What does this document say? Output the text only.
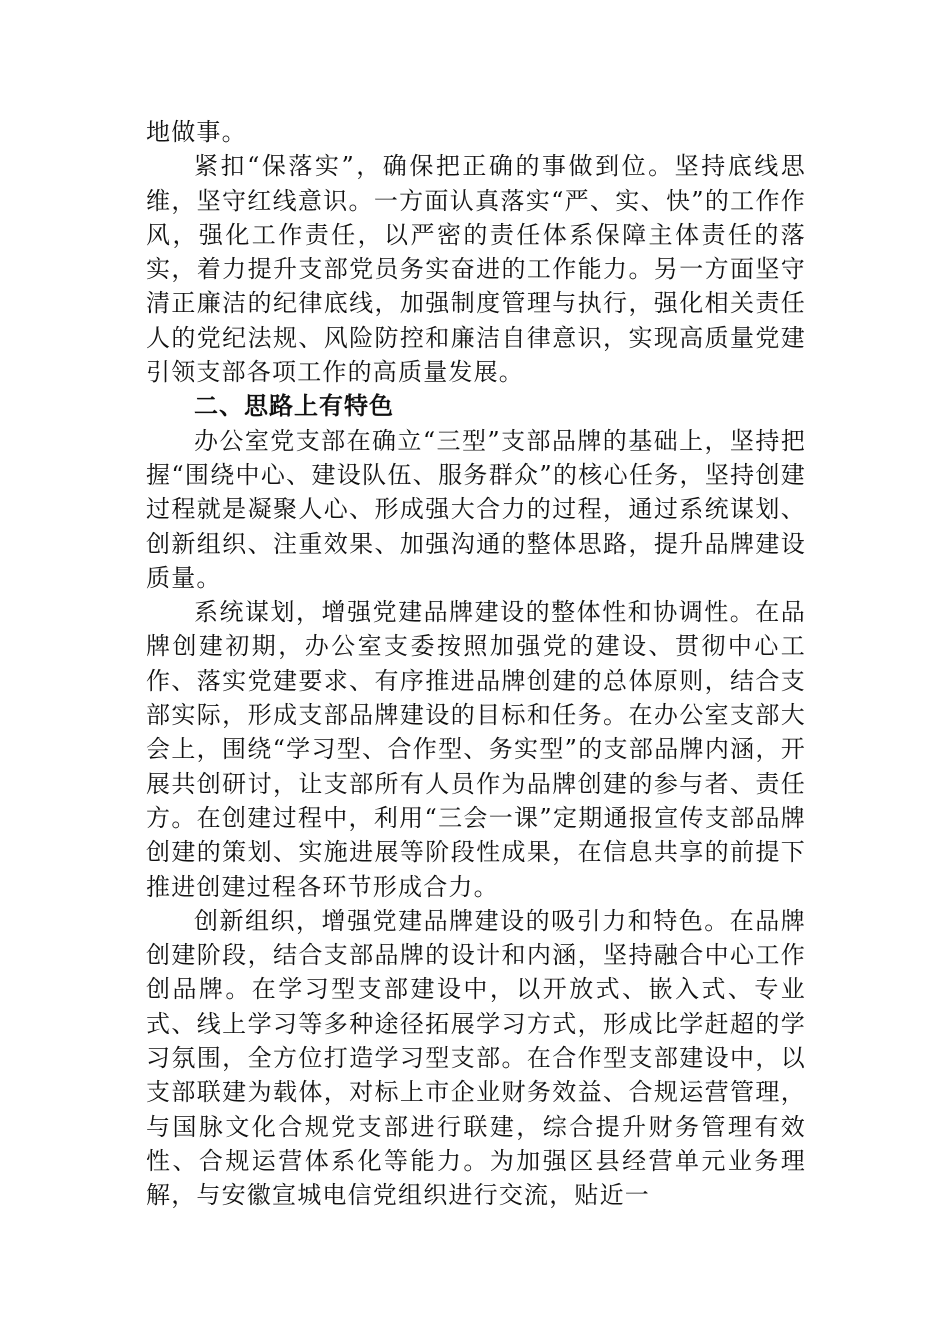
地做事。

紧扣“保落实”，确保把正确的事做到位。坚持底线思维，坚守红线意识。一方面认真落实“严、实、快”的工作作风，强化工作责任，以严密的责任体系保障主体责任的落实，着力提升支部党员务实奋进的工作能力。另一方面坚守清正廉洁的纪律底线，加强制度管理与执行，强化相关责任人的党纪法规、风险防控和廉洁自律意识，实现高质量党建引领支部各项工作的高质量发展。

二、思路上有特色

办公室党支部在确立“三型”支部品牌的基础上，坚持把握“围绕中心、建设队伍、服务群众”的核心任务，坚持创建过程就是凝聚人心、形成强大合力的过程，通过系统谋划、创新组织、注重效果、加强沟通的整体思路，提升品牌建设质量。

系统谋划，增强党建品牌建设的整体性和协调性。在品牌创建初期，办公室支委按照加强党的建设、贯彻中心工作、落实党建要求、有序推进品牌创建的总体原则，结合支部实际，形成支部品牌建设的目标和任务。在办公室支部大会上，围绕“学习型、合作型、务实型”的支部品牌内涵，开展共创研讨，让支部所有人员作为品牌创建的参与者、责任方。在创建过程中，利用“三会一课”定期通报宣传支部品牌创建的策划、实施进展等阶段性成果，在信息共享的前提下推进创建过程各环节形成合力。

创新组织，增强党建品牌建设的吸引力和特色。在品牌创建阶段，结合支部品牌的设计和内涵，坚持融合中心工作创品牌。在学习型支部建设中，以开放式、嵌入式、专业式、线上学习等多种途径拓展学习方式，形成比学赶超的学习氛围，全方位打造学习型支部。在合作型支部建设中，以支部联建为载体，对标上市企业财务效益、合规运营管理，与国脉文化合规党支部进行联建，综合提升财务管理有效性、合规运营体系化等能力。为加强区县经营单元业务理解，与安徽宣城电信党组织进行交流，贴近一
